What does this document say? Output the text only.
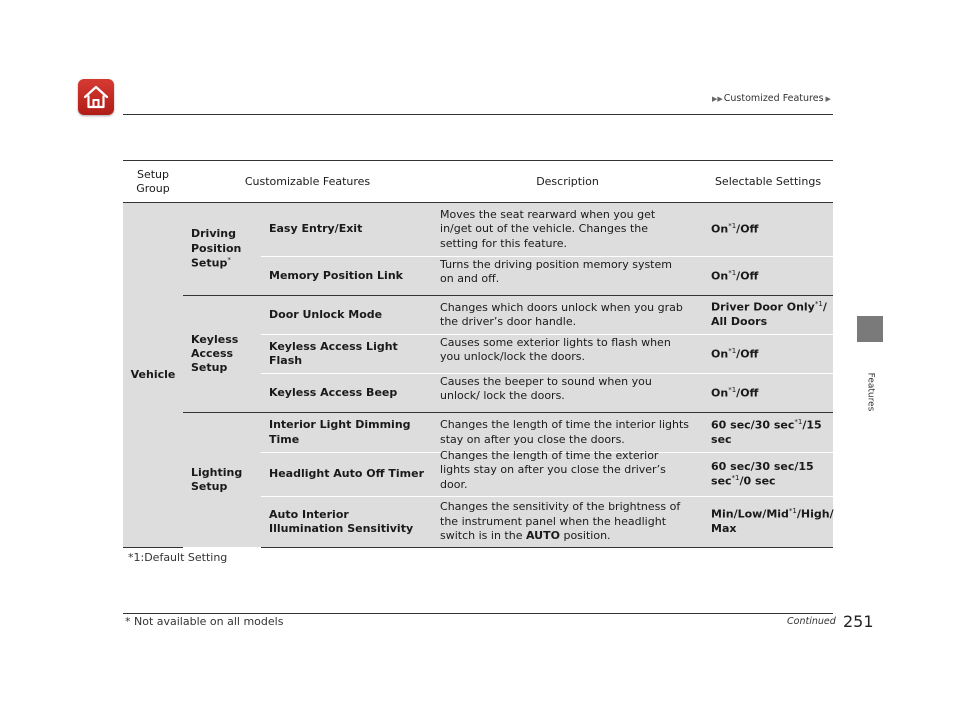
▶▶ Customized Features ▶
Features
Setup Group	Customizable Features		Description	Selectable Settings

Vehicle	Driving Position Setup*	Easy Entry/Exit	Moves the seat rearward when you get in/get out of the vehicle. Changes the setting for this feature.	On$^{*1}$/Off

		Memory Position Link	Turns the driving position memory system on and off.	On$^{*1}$/Off

	Keyless Access Setup	Door Unlock Mode	Changes which doors unlock when you grab the driver’s door handle.	Driver Door Only$^{*1}$/ All Doors

		Keyless Access Light Flash	Causes some exterior lights to flash when you unlock/lock the doors.	On$^{*1}$/Off

		Keyless Access Beep	Causes the beeper to sound when you unlock/ lock the doors.	On$^{*1}$/Off

	Lighting Setup	Interior Light Dimming Time	Changes the length of time the interior lights stay on after you close the doors.	60 sec/30 $\sec^{*1}/15$ sec

		Headlight Auto Off Timer	Changes the length of time the exterior lights stay on after you close the driver’s door.	60 sec/30 sec/15 $\sec^{*1}/0$ sec

		Auto Interior Illumination Sensitivity	Changes the sensitivity of the brightness of the instrument panel when the headlight switch is in the AUTO position.	Min/Low/Mid$^{*1}$/High/ Max
*1:Default Setting
* Not available on all models	Continued 251
